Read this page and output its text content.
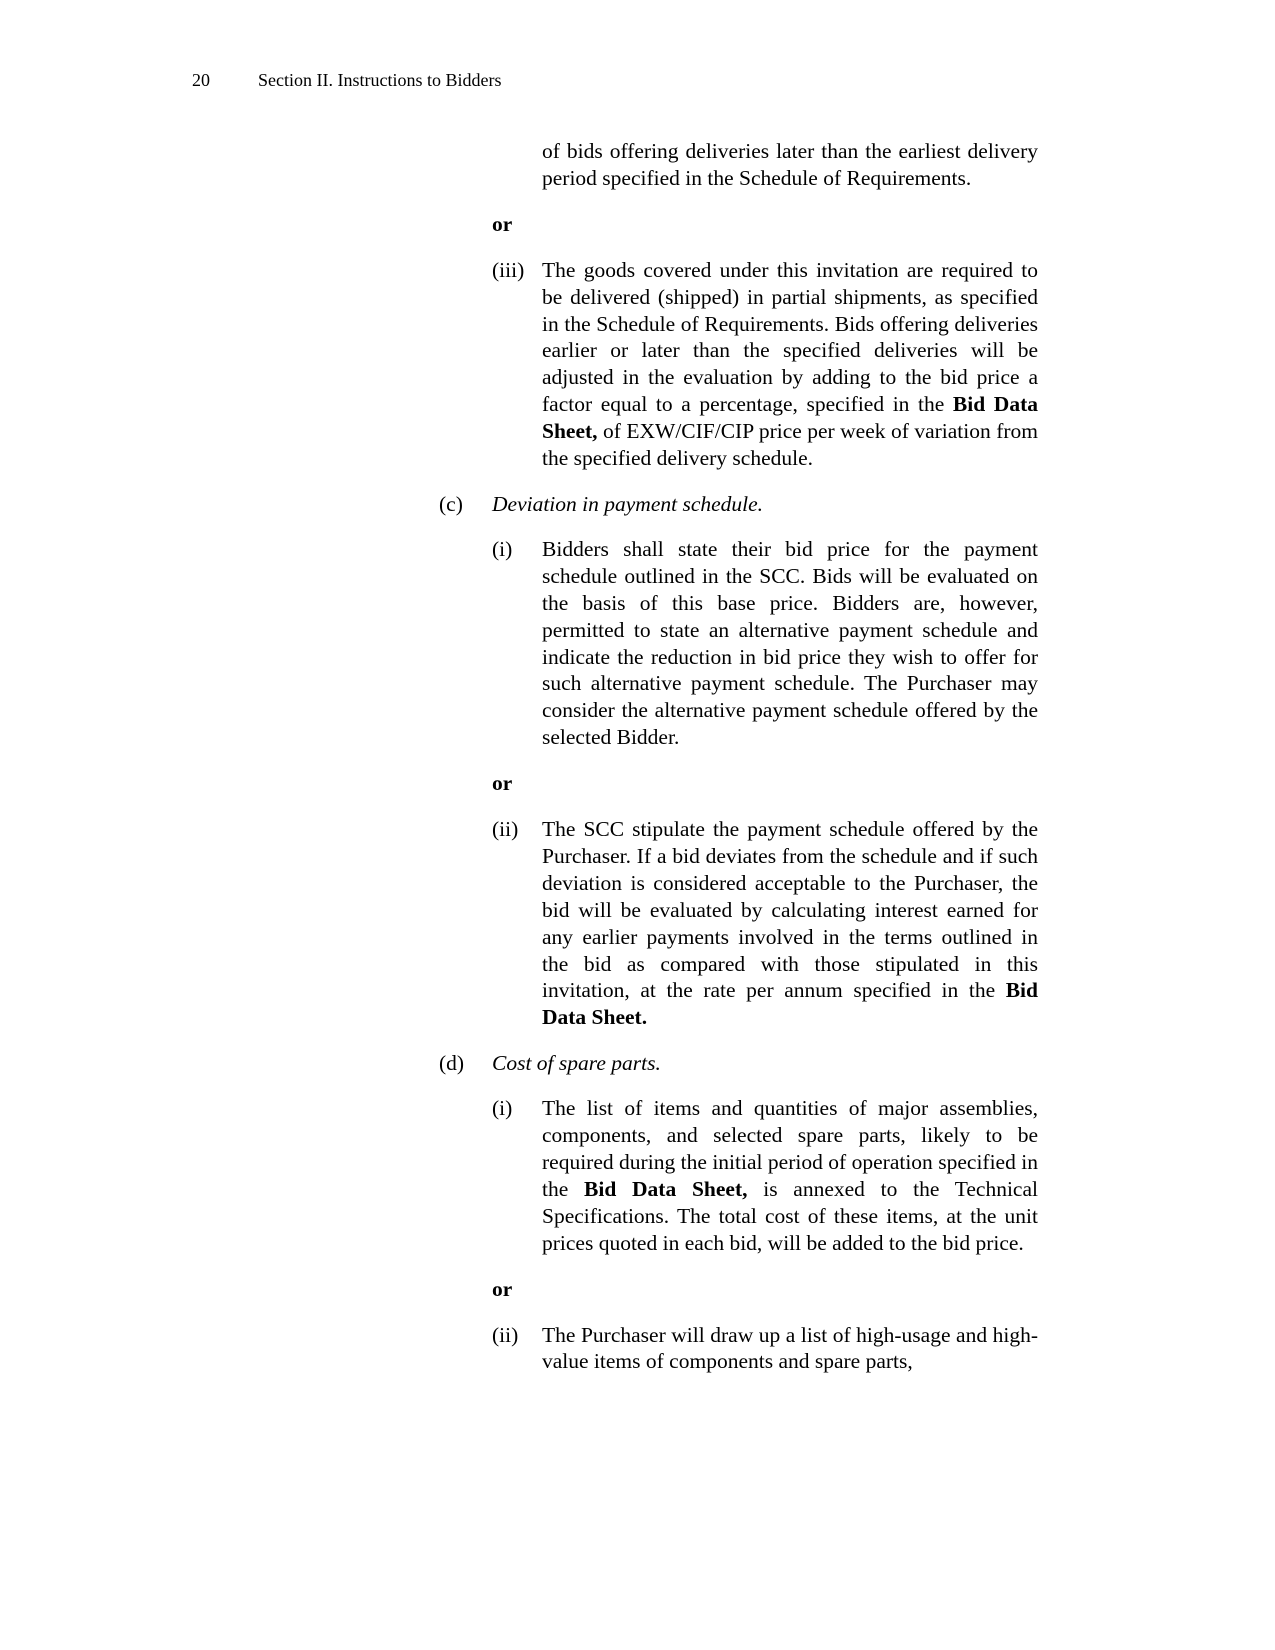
20	Section II. Instructions to Bidders
of bids offering deliveries later than the earliest delivery period specified in the Schedule of Requirements.
or
(iii) The goods covered under this invitation are required to be delivered (shipped) in partial shipments, as specified in the Schedule of Requirements. Bids offering deliveries earlier or later than the specified deliveries will be adjusted in the evaluation by adding to the bid price a factor equal to a percentage, specified in the Bid Data Sheet, of EXW/CIF/CIP price per week of variation from the specified delivery schedule.
(c) Deviation in payment schedule.
(i) Bidders shall state their bid price for the payment schedule outlined in the SCC. Bids will be evaluated on the basis of this base price. Bidders are, however, permitted to state an alternative payment schedule and indicate the reduction in bid price they wish to offer for such alternative payment schedule. The Purchaser may consider the alternative payment schedule offered by the selected Bidder.
or
(ii) The SCC stipulate the payment schedule offered by the Purchaser. If a bid deviates from the schedule and if such deviation is considered acceptable to the Purchaser, the bid will be evaluated by calculating interest earned for any earlier payments involved in the terms outlined in the bid as compared with those stipulated in this invitation, at the rate per annum specified in the Bid Data Sheet.
(d) Cost of spare parts.
(i) The list of items and quantities of major assemblies, components, and selected spare parts, likely to be required during the initial period of operation specified in the Bid Data Sheet, is annexed to the Technical Specifications. The total cost of these items, at the unit prices quoted in each bid, will be added to the bid price.
or
(ii) The Purchaser will draw up a list of high-usage and high-value items of components and spare parts,
